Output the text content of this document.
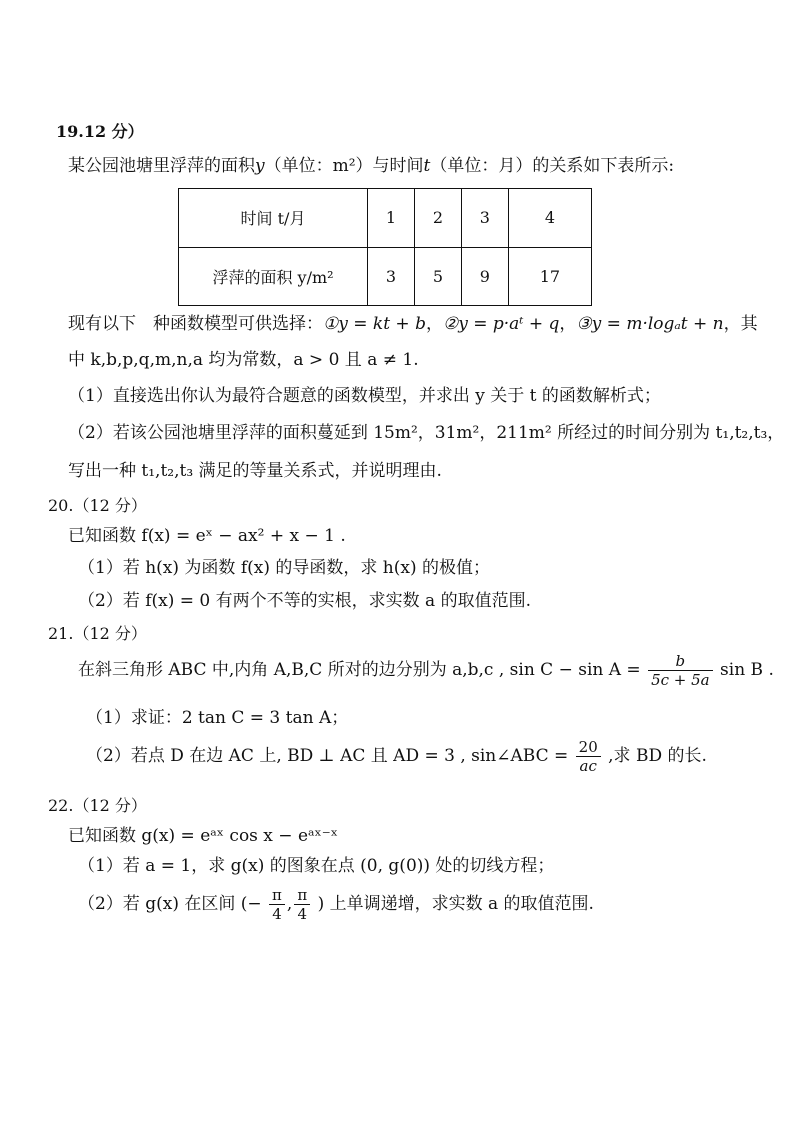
19.12 分）
某公园池塘里浮萍的面积y（单位：m²）与时间t（单位：月）的关系如下表所示:
时间 t/月	1	2	3	4
浮萍的面积 y/m²	3	5	9	17
现有以下　种函数模型可供选择：①y = kt + b，②y = p·aᵗ + q，③y = m·logₐt + n，其
中 k,b,p,q,m,n,a 均为常数，a > 0 且 a ≠ 1.
（1）直接选出你认为最符合题意的函数模型，并求出 y 关于 t 的函数解析式；
（2）若该公园池塘里浮萍的面积蔓延到 15m²，31m²，211m² 所经过的时间分别为 t₁,t₂,t₃，
写出一种 t₁,t₂,t₃ 满足的等量关系式，并说明理由.
20.（12 分）
已知函数 f(x) = eˣ − ax² + x − 1 .
（1）若 h(x) 为函数 f(x) 的导函数，求 h(x) 的极值；
（2）若 f(x) = 0 有两个不等的实根，求实数 a 的取值范围.
21.（12 分）
在斜三角形 ABC 中,内角 A,B,C 所对的边分别为 a,b,c , $\sin C - \sin A = \frac{b}{5c + 5a}$ sin B .
（1）求证：2 tan C = 3 tan A；
（2）若点 D 在边 AC 上, BD ⊥ AC 且 AD = 3 , sin∠ABC = $\frac{20}{ac}$ ,求 BD 的长.
22.（12 分）
已知函数 g(x) = eᵃˣ cos x − eᵃˣ⁻ˣ
（1）若 a = 1，求 g(x) 的图象在点 (0, g(0)) 处的切线方程；
（2）若 g(x) 在区间 (− $\frac{\pi}{4}$ , $\frac{\pi}{4}$ ) 上单调递增，求实数 a 的取值范围.
